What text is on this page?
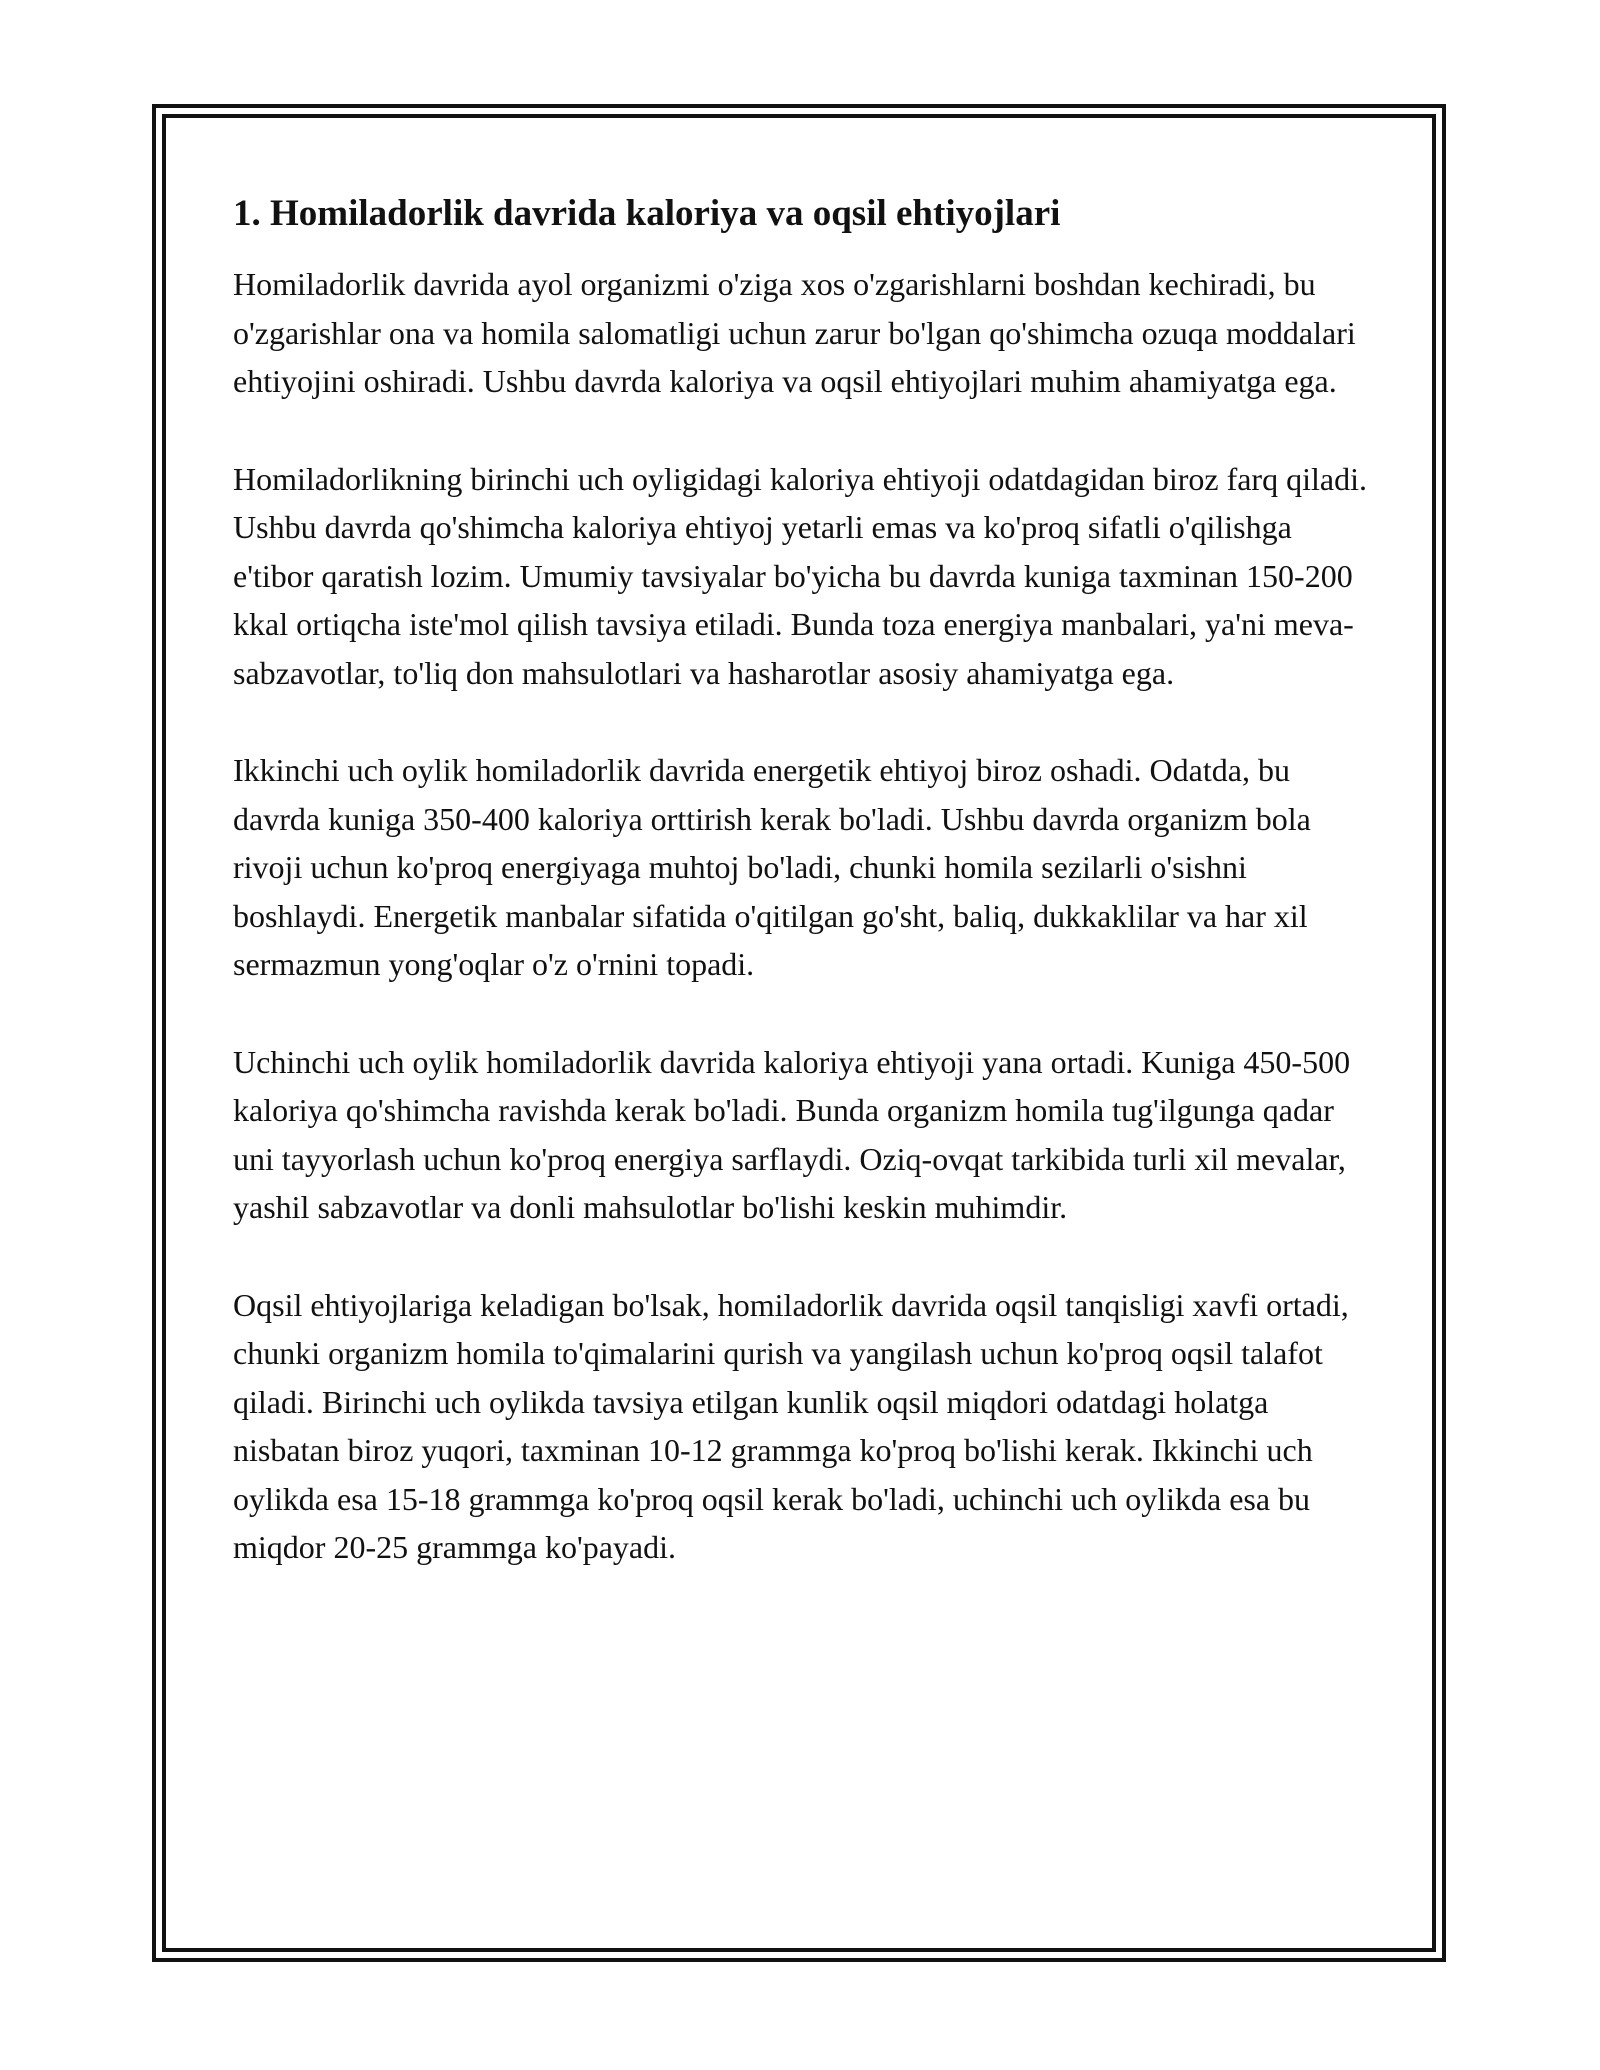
1. Homiladorlik davrida kaloriya va oqsil ehtiyojlari

Homiladorlik davrida ayol organizmi o'ziga xos o'zgarishlarni boshdan kechiradi, bu o'zgarishlar ona va homila salomatligi uchun zarur bo'lgan qo'shimcha ozuqa moddalari ehtiyojini oshiradi. Ushbu davrda kaloriya va oqsil ehtiyojlari muhim ahamiyatga ega.

Homiladorlikning birinchi uch oyligidagi kaloriya ehtiyoji odatdagidan biroz farq qiladi. Ushbu davrda qo'shimcha kaloriya ehtiyoj yetarli emas va ko'proq sifatli o'qilishga e'tibor qaratish lozim. Umumiy tavsiyalar bo'yicha bu davrda kuniga taxminan 150-200 kkal ortiqcha iste'mol qilish tavsiya etiladi. Bunda toza energiya manbalari, ya'ni meva-sabzavotlar, to'liq don mahsulotlari va hasharotlar asosiy ahamiyatga ega.

Ikkinchi uch oylik homiladorlik davrida energetik ehtiyoj biroz oshadi. Odatda, bu davrda kuniga 350-400 kaloriya orttirish kerak bo'ladi. Ushbu davrda organizm bola rivoji uchun ko'proq energiyaga muhtoj bo'ladi, chunki homila sezilarli o'sishni boshlaydi. Energetik manbalar sifatida o'qitilgan go'sht, baliq, dukkaklilar va har xil sermazmun yong'oqlar o'z o'rnini topadi.

Uchinchi uch oylik homiladorlik davrida kaloriya ehtiyoji yana ortadi. Kuniga 450-500 kaloriya qo'shimcha ravishda kerak bo'ladi. Bunda organizm homila tug'ilgunga qadar uni tayyorlash uchun ko'proq energiya sarflaydi. Oziq-ovqat tarkibida turli xil mevalar, yashil sabzavotlar va donli mahsulotlar bo'lishi keskin muhimdir.

Oqsil ehtiyojlariga keladigan bo'lsak, homiladorlik davrida oqsil tanqisligi xavfi ortadi, chunki organizm homila to'qimalarini qurish va yangilash uchun ko'proq oqsil talafot qiladi. Birinchi uch oylikda tavsiya etilgan kunlik oqsil miqdori odatdagi holatga nisbatan biroz yuqori, taxminan 10-12 grammga ko'proq bo'lishi kerak. Ikkinchi uch oylikda esa 15-18 grammga ko'proq oqsil kerak bo'ladi, uchinchi uch oylikda esa bu miqdor 20-25 grammga ko'payadi.
